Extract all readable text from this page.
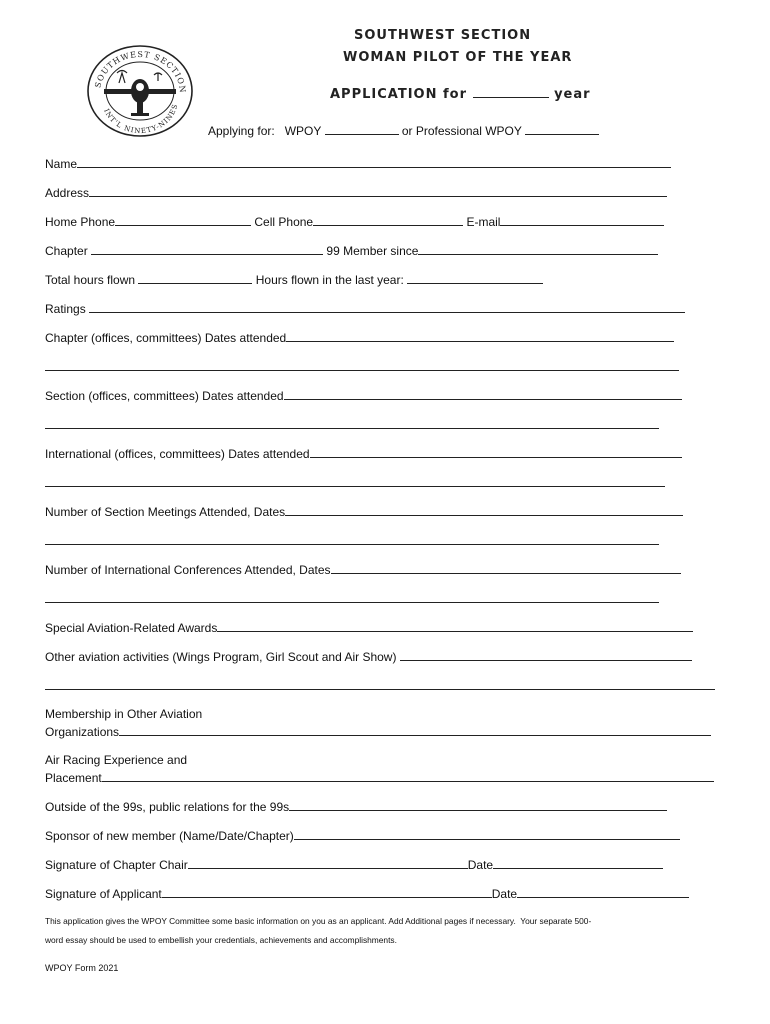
SOUTHWEST SECTION
INT'L NINETY-NINES
SOUTHWEST SECTION
WOMAN PILOT OF THE YEAR
APPLICATION for	year
Applying for:   WPOY	or Professional WPOY
Name
Address
Home Phone	Cell Phone	E-mail
Chapter	99 Member since
Total hours flown	Hours flown in the last year:
Ratings
Chapter (offices, committees) Dates attended
Section (offices, committees) Dates attended
International (offices, committees) Dates attended
Number of Section Meetings Attended, Dates
Number of International Conferences Attended, Dates
Special Aviation-Related Awards
Other aviation activities (Wings Program, Girl Scout and Air Show)
Membership in Other Aviation
Organizations
Air Racing Experience and
Placement
Outside of the 99s, public relations for the 99s
Sponsor of new member (Name/Date/Chapter)
Signature of Chapter Chair	Date
Signature of Applicant	Date
This application gives the WPOY Committee some basic information on you as an applicant. Add Additional pages if necessary.  Your separate 500-
word essay should be used to embellish your credentials, achievements and accomplishments.
WPOY Form 2021
